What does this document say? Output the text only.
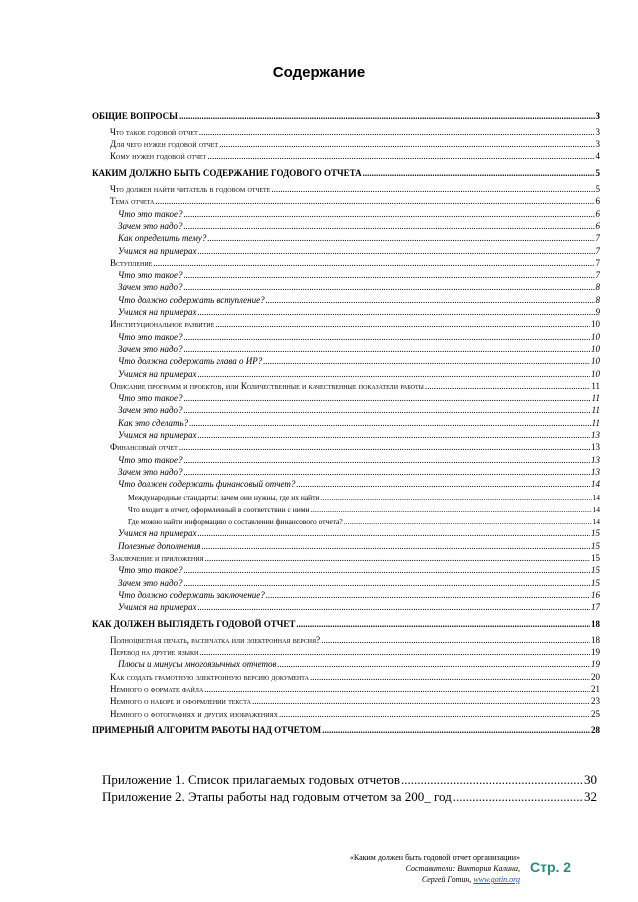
Содержание
ОБЩИЕ ВОПРОСЫ .....	3
Что такое годовой отчет .....	3
Для чего нужен годовой отчет .....	3
Кому нужен годовой отчет .....	4
КАКИМ ДОЛЖНО БЫТЬ СОДЕРЖАНИЕ ГОДОВОГО ОТЧЕТА .....	5
Что должен найти читатель в годовом отчете .....	5
Тема отчета .....	6
Что это такое? .....	6
Зачем это надо? .....	6
Как определить тему? .....	7
Учимся на примерах .....	7
Вступление .....	7
Что это такое? .....	7
Зачем это надо? .....	8
Что должно содержать вступление? .....	8
Учимся на примерах .....	9
Институциональное развитие .....	10
Что это такое? .....	10
Зачем это надо? .....	10
Что должна содержать глава о ИР? .....	10
Учимся на примерах .....	10
Описание программ и проектов, или Количественные и качественные показатели работы .....	11
Что это такое? .....	11
Зачем это надо? .....	11
Как это сделать? .....	11
Учимся на примерах .....	13
Финансовый отчет .....	13
Что это такое? .....	13
Зачем это надо? .....	13
Что должен содержать финансовый отчет? .....	14
Международные стандарты: зачем они нужны, где их найти .....	14
Что входит в отчет, оформленный в соответствии с ними .....	14
Где можно найти информацию о составлении финансового отчета? .....	14
Учимся на примерах .....	15
Полезные дополнения .....	15
Заключение и приложения .....	15
Что это такое? .....	15
Зачем это надо? .....	15
Что должно содержать заключение? .....	16
Учимся на примерах .....	17
КАК ДОЛЖЕН ВЫГЛЯДЕТЬ ГОДОВОЙ ОТЧЕТ .....	18
Полноцветная печать, распечатка или электронная версия? .....	18
Перевод на другие языки .....	19
Плюсы и минусы многоязычных отчетов .....	19
Как создать грамотную электронную версию документа .....	20
Немного о формате файла .....	21
Немного о наборе и оформлении текста .....	23
Немного о фотографиях и других изображениях .....	25
ПРИМЕРНЫЙ АЛГОРИТМ РАБОТЫ НАД ОТЧЕТОМ .....	28
Приложение 1. Список прилагаемых годовых отчетов .....	30
Приложение 2. Этапы работы над годовым отчетом за 200_ год .....	32
«Каким должен быть годовой отчет организации»
Составители: Виктория Калина,
Сергей Готин, www.gotin.org
Стр. 2
